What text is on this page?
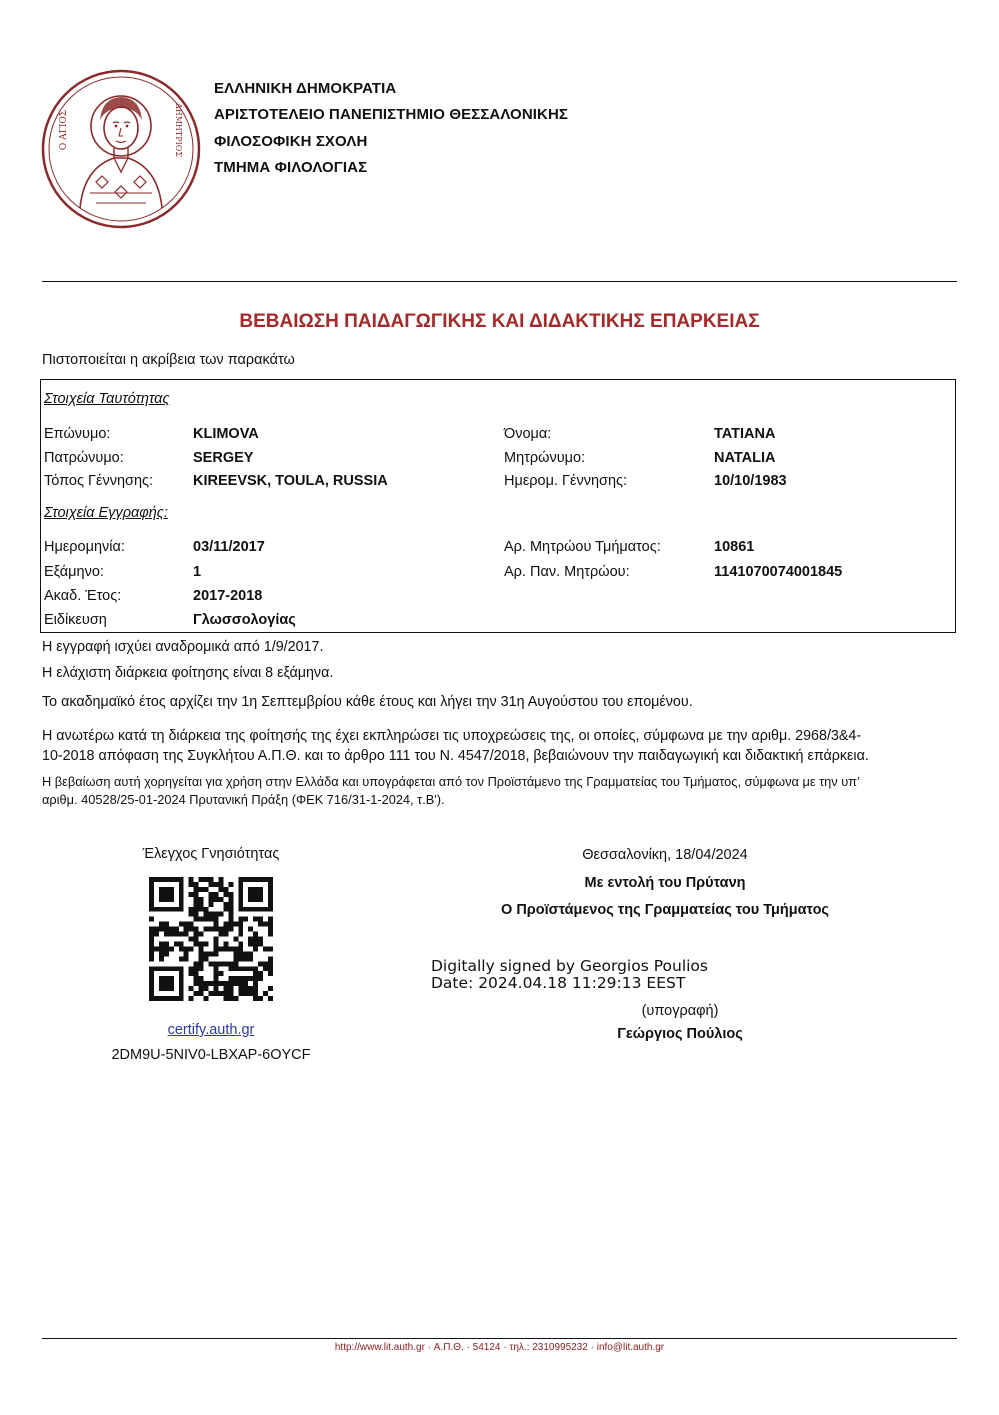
Ο ΑΓΙΟΣ	ΔΗΜΗΤΡΙΟΣ
ΕΛΛΗΝΙΚΗ ΔΗΜΟΚΡΑΤΙΑ
ΑΡΙΣΤΟΤΕΛΕΙΟ ΠΑΝΕΠΙΣΤΗΜΙΟ ΘΕΣΣΑΛΟΝΙΚΗΣ
ΦΙΛΟΣΟΦΙΚΗ ΣΧΟΛΗ
ΤΜΗΜΑ ΦΙΛΟΛΟΓΙΑΣ
ΒΕΒΑΙΩΣΗ ΠΑΙΔΑΓΩΓΙΚΗΣ ΚΑΙ ΔΙΔΑΚΤΙΚΗΣ ΕΠΑΡΚΕΙΑΣ
Πιστοποιείται η ακρίβεια των παρακάτω
Στοιχεία Ταυτότητας
Επώνυμο:	KLIMOVA	Όνομα:	TATIANA
Πατρώνυμο:	SERGEY	Μητρώνυμο:	NATALIA
Τόπος Γέννησης:	KIREEVSK, TOULA, RUSSIA	Ημερομ. Γέννησης:	10/10/1983
Στοιχεία Εγγραφής:
Ημερομηνία:	03/11/2017	Αρ. Μητρώου Τμήματος:	10861
Εξάμηνο:	1	Αρ. Παν. Μητρώου:	1141070074001845
Ακαδ. Έτος:	2017-2018
Ειδίκευση	Γλωσσολογίας
Η εγγραφή ισχύει αναδρομικά από 1/9/2017.
Η ελάχιστη διάρκεια φοίτησης είναι 8 εξάμηνα.
Το ακαδημαϊκό έτος αρχίζει την 1η Σεπτεμβρίου κάθε έτους και λήγει την 31η Αυγούστου του επομένου.
Η ανωτέρω κατά τη διάρκεια της φοίτησής της έχει εκπληρώσει τις υποχρεώσεις της, οι οποίες, σύμφωνα με την αριθμ. 2968/3&4-
10-2018 απόφαση της Συγκλήτου Α.Π.Θ. και το άρθρο 111 του Ν. 4547/2018, βεβαιώνουν την παιδαγωγική και διδακτική επάρκεια.
Η βεβαίωση αυτή χορηγείται για χρήση στην Ελλάδα και υπογράφεται από τον Προϊστάμενο της Γραμματείας του Τμήματος, σύμφωνα με την υπ’
αριθμ. 40528/25-01-2024 Πρυτανική Πράξη (ΦΕΚ 716/31-1-2024, τ.Β').
Έλεγχος Γνησιότητας
certify.auth.gr
2DM9U-5NIV0-LBXAP-6OYCF
Θεσσαλονίκη, 18/04/2024
Με εντολή του Πρύτανη
Ο Προϊστάμενος της Γραμματείας του Τμήματος
Digitally signed by Georgios Poulios
Date: 2024.04.18 11:29:13 EEST
(υπογραφή)
Γεώργιος Πούλιος
http://www.lit.auth.gr · Α.Π.Θ. · 54124 · τηλ.: 2310995232 · info@lit.auth.gr
